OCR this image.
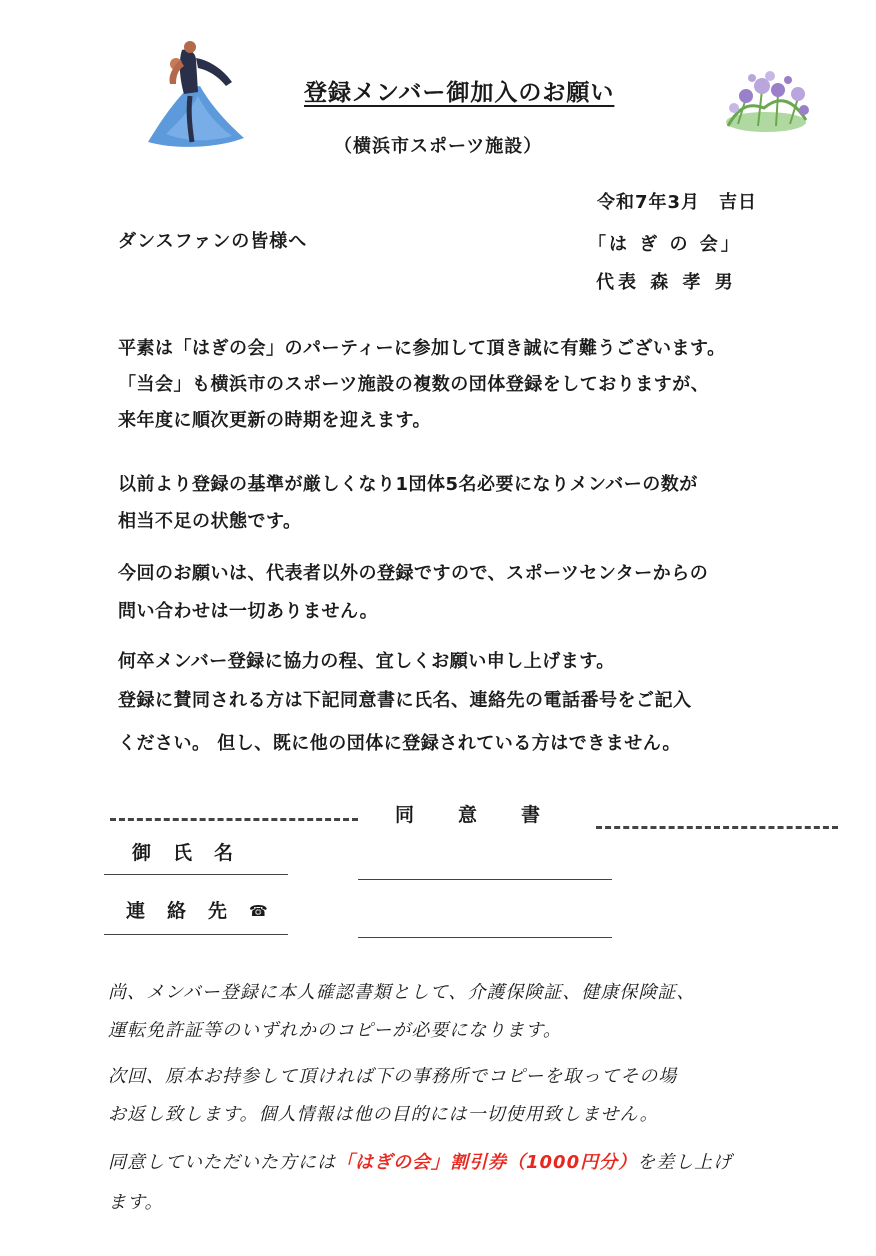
登録メンバー御加入のお願い
（横浜市スポーツ施設）
令和7年3月　吉日
ダンスファンの皆様へ	「は ぎ の 会」
代表 森 孝 男
平素は「はぎの会」のパーティーに参加して頂き誠に有難うございます。
「当会」も横浜市のスポーツ施設の複数の団体登録をしておりますが、
来年度に順次更新の時期を迎えます。
以前より登録の基準が厳しくなり1団体5名必要になりメンバーの数が
相当不足の状態です。
今回のお願いは、代表者以外の登録ですので、スポーツセンターからの
問い合わせは一切ありません。
何卒メンバー登録に協力の程、宜しくお願い申し上げます。
登録に賛同される方は下記同意書に氏名、連絡先の電話番号をご記入
ください。 但し、既に他の団体に登録されている方はできません。
同意書
御氏名
連絡先☎
尚、メンバー登録に本人確認書類として、介護保険証、健康保険証、
運転免許証等のいずれかのコピーが必要になります。
次回、原本お持参して頂ければ下の事務所でコピーを取ってその場
お返し致します。個人情報は他の目的には一切使用致しません。
同意していただいた方には「はぎの会」割引券（1000円分）を差し上げ
ます。
